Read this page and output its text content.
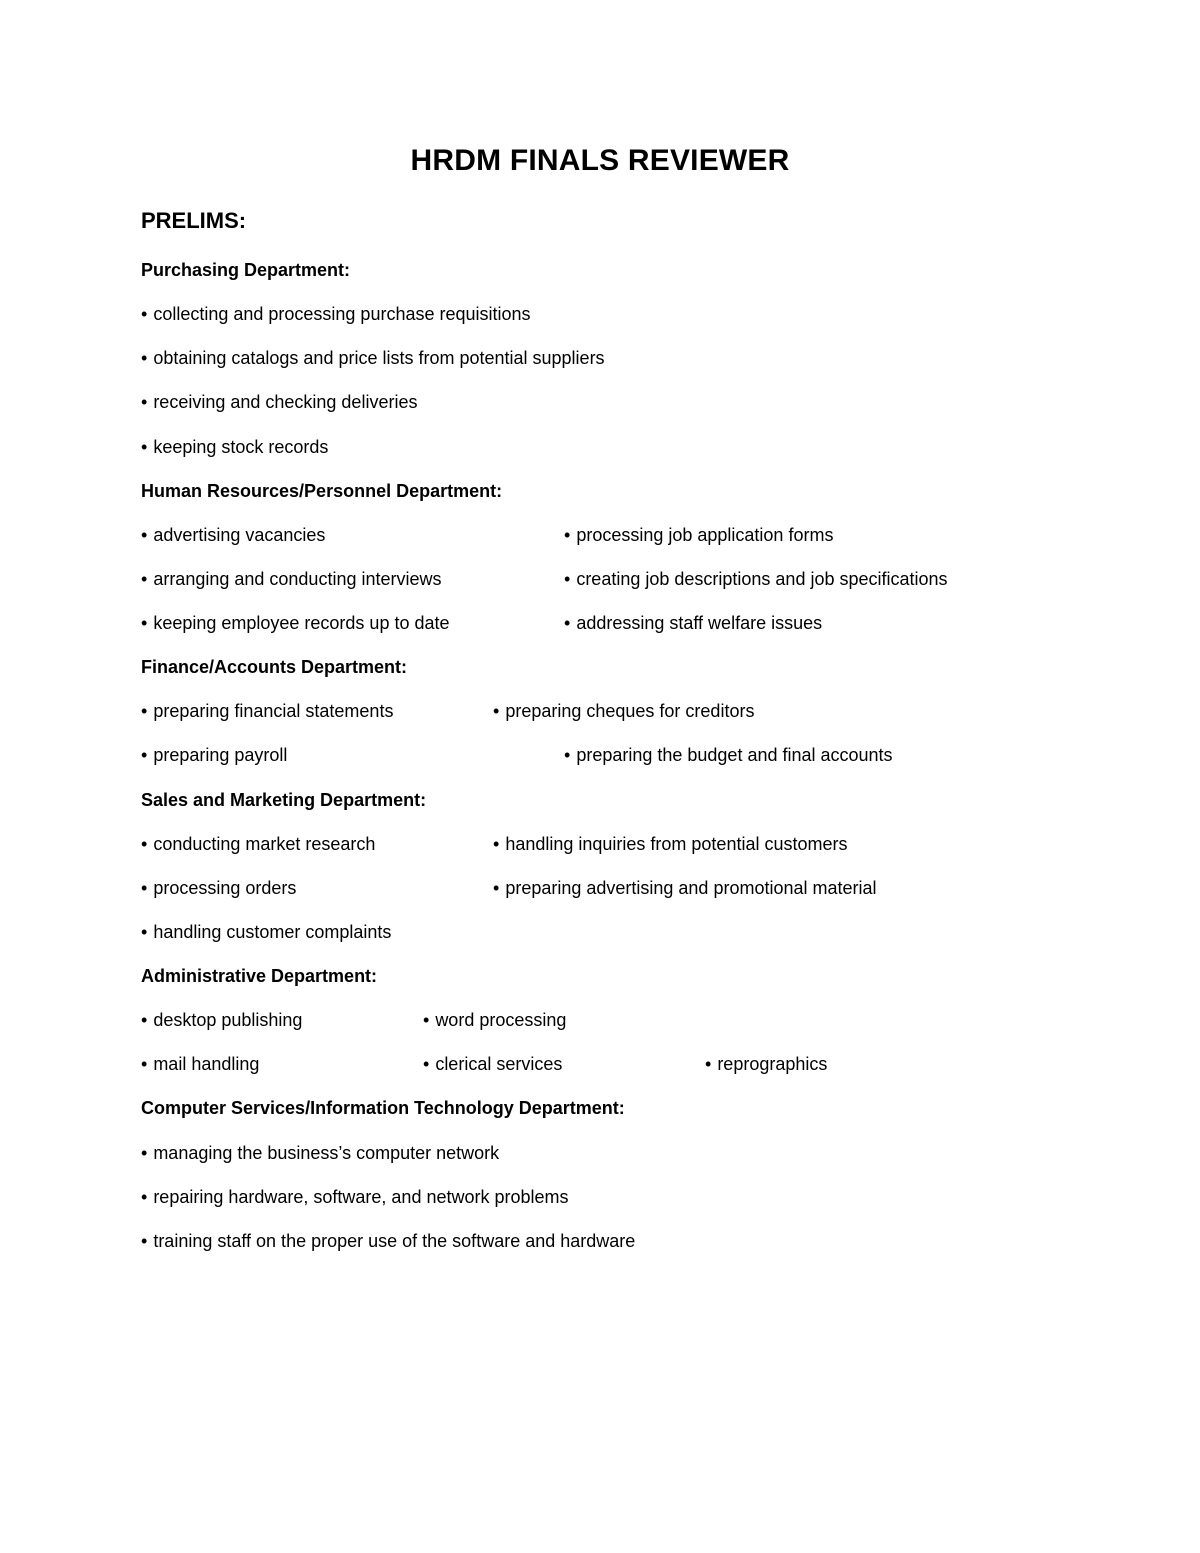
HRDM FINALS REVIEWER
PRELIMS:
Purchasing Department:
• collecting and processing purchase requisitions
• obtaining catalogs and price lists from potential suppliers
• receiving and checking deliveries
• keeping stock records
Human Resources/Personnel Department:
• advertising vacancies	• processing job application forms
• arranging and conducting interviews	• creating job descriptions and job specifications
• keeping employee records up to date	• addressing staff welfare issues
Finance/Accounts Department:
• preparing financial statements	• preparing cheques for creditors
• preparing payroll	• preparing the budget and final accounts
Sales and Marketing Department:
• conducting market research	• handling inquiries from potential customers
• processing orders	• preparing advertising and promotional material
• handling customer complaints
Administrative Department:
• desktop publishing	• word processing
• mail handling	• clerical services	• reprographics
Computer Services/Information Technology Department:
• managing the business’s computer network
• repairing hardware, software, and network problems
• training staff on the proper use of the software and hardware
